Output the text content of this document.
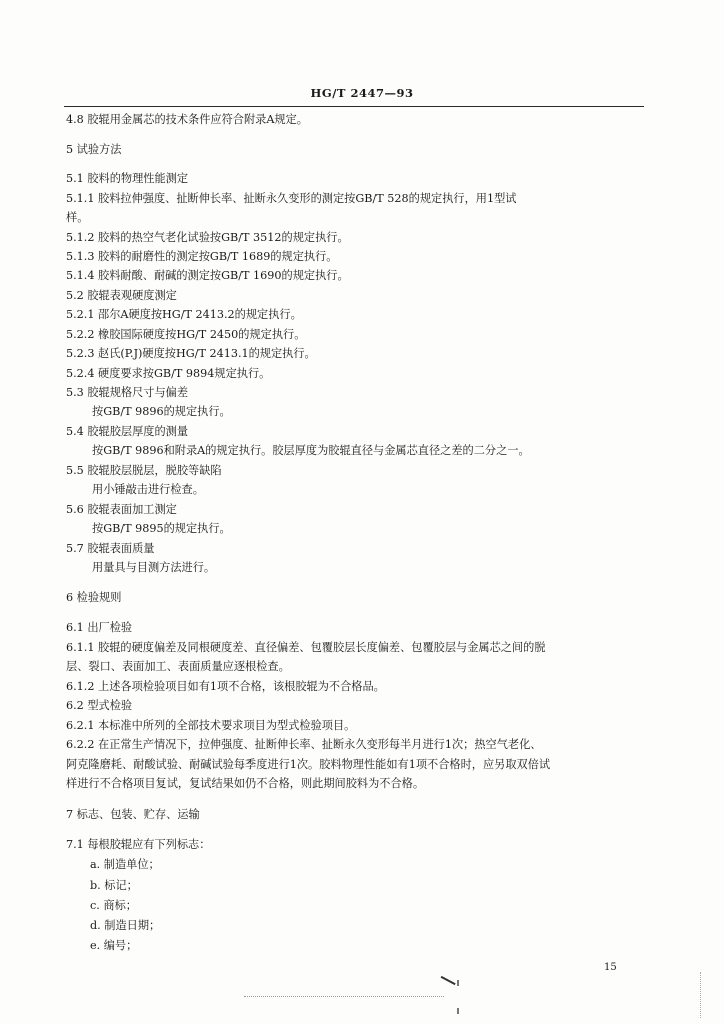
HG/T 2447—93
4.8 胶辊用金属芯的技术条件应符合附录A规定。
5 试验方法
5.1 胶料的物理性能测定
5.1.1 胶料拉伸强度、扯断伸长率、扯断永久变形的测定按GB/T 528的规定执行，用1型试
样。
5.1.2 胶料的热空气老化试验按GB/T 3512的规定执行。
5.1.3 胶料的耐磨性的测定按GB/T 1689的规定执行。
5.1.4 胶料耐酸、耐碱的测定按GB/T 1690的规定执行。
5.2 胶辊表观硬度测定
5.2.1 邵尔A硬度按HG/T 2413.2的规定执行。
5.2.2 橡胶国际硬度按HG/T 2450的规定执行。
5.2.3 赵氏(P.J)硬度按HG/T 2413.1的规定执行。
5.2.4 硬度要求按GB/T 9894规定执行。
5.3 胶辊规格尺寸与偏差
按GB/T 9896的规定执行。
5.4 胶辊胶层厚度的测量
按GB/T 9896和附录A的规定执行。胶层厚度为胶辊直径与金属芯直径之差的二分之一。
5.5 胶辊胶层脱层，脱胶等缺陷
用小锤敲击进行检查。
5.6 胶辊表面加工测定
按GB/T 9895的规定执行。
5.7 胶辊表面质量
用量具与目测方法进行。
6 检验规则
6.1 出厂检验
6.1.1 胶辊的硬度偏差及同根硬度差、直径偏差、包覆胶层长度偏差、包覆胶层与金属芯之间的脱
层、裂口、表面加工、表面质量应逐根检查。
6.1.2 上述各项检验项目如有1项不合格，该根胶辊为不合格品。
6.2 型式检验
6.2.1 本标准中所列的全部技术要求项目为型式检验项目。
6.2.2 在正常生产情况下，拉伸强度、扯断伸长率、扯断永久变形每半月进行1次；热空气老化、
阿克隆磨耗、耐酸试验、耐碱试验每季度进行1次。胶料物理性能如有1项不合格时，应另取双倍试
样进行不合格项目复试，复试结果如仍不合格，则此期间胶料为不合格。
7 标志、包装、贮存、运输
7.1 每根胶辊应有下列标志：
a. 制造单位；
b. 标记；
c. 商标；
d. 制造日期；
e. 编号；
15
